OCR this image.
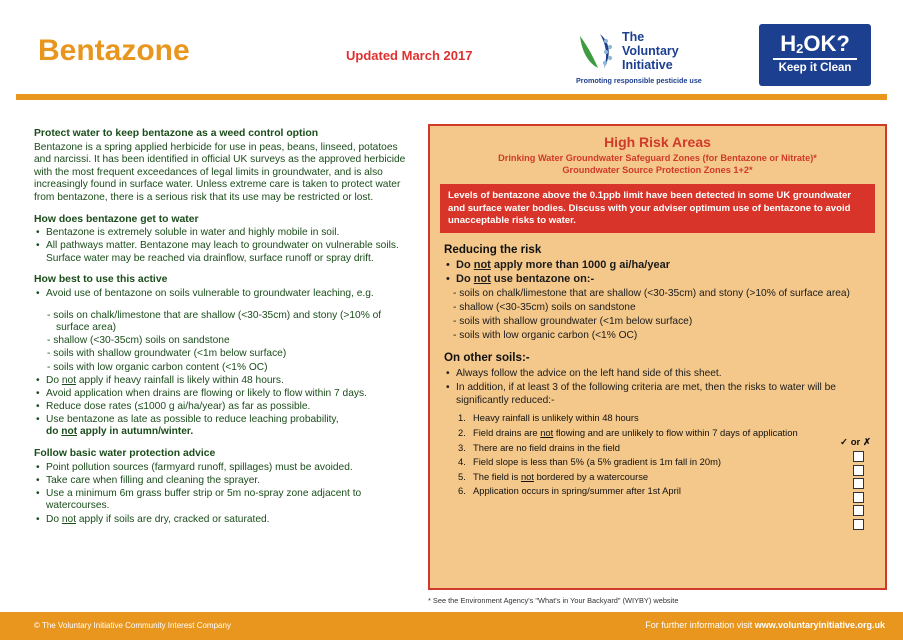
Bentazone	Updated March 2017
The
Voluntary
Initiative
Promoting responsible pesticide use
H2OK?
Keep it Clean
Protect water to keep bentazone as a weed control option

Bentazone is a spring applied herbicide for use in peas, beans, linseed, potatoes and narcissi. It has been identified in official UK surveys as the approved herbicide with the most frequent exceedances of legal limits in groundwater, and is also increasingly found in surface water. Unless extreme care is taken to protect water from bentazone, there is a serious risk that its use may be restricted or lost.

How does bentazone get to water
• Bentazone is extremely soluble in water and highly mobile in soil.
• All pathways matter. Bentazone may leach to groundwater on vulnerable soils. Surface water may be reached via drainflow, surface runoff or spray drift.
How best to use this active
• Avoid use of bentazone on soils vulnerable to groundwater leaching, e.g.
- soils on chalk/limestone that are shallow (<30-35cm) and stony (>10% of surface area)
- shallow (<30-35cm) soils on sandstone
- soils with shallow groundwater (<1m below surface)
- soils with low organic carbon content (<1% OC)
• Do not apply if heavy rainfall is likely within 48 hours.
• Avoid application when drains are flowing or likely to flow within 7 days.
• Reduce dose rates (≤1000 g ai/ha/year) as far as possible.
• Use bentazone as late as possible to reduce leaching probability,
do not apply in autumn/winter.
Follow basic water protection advice
• Point pollution sources (farmyard runoff, spillages) must be avoided.
• Take care when filling and cleaning the sprayer.
• Use a minimum 6m grass buffer strip or 5m no-spray zone adjacent to watercourses.
• Do not apply if soils are dry, cracked or saturated.
High Risk Areas
Drinking Water Groundwater Safeguard Zones (for Bentazone or Nitrate)*
Groundwater Source Protection Zones 1+2*
Levels of bentazone above the 0.1ppb limit have been detected in some UK groundwater and surface water bodies. Discuss with your adviser optimum use of bentazone to avoid unacceptable risks to water.
Reducing the risk
• Do not apply more than 1000 g ai/ha/year
• Do not use bentazone on:-
- soils on chalk/limestone that are shallow (<30-35cm) and stony (>10% of surface area)
- shallow (<30-35cm) soils on sandstone
- soils with shallow groundwater (<1m below surface)
- soils with low organic carbon (<1% OC)
On other soils:-
• Always follow the advice on the left hand side of this sheet.
• In addition, if at least 3 of the following criteria are met, then the risks to water will be significantly reduced:-
Heavy rainfall is unlikely within 48 hours
Field drains are not flowing and are unlikely to flow within 7 days of application
There are no field drains in the field
Field slope is less than 5% (a 5% gradient is 1m fall in 20m)
The field is not bordered by a watercourse
Application occurs in spring/summer after 1st April
✓ or ✗
* See the Environment Agency's "What's in Your Backyard" (WIYBY) website
© The Voluntary Initiative Community Interest Company	For further information visit www.voluntaryinitiative.org.uk
